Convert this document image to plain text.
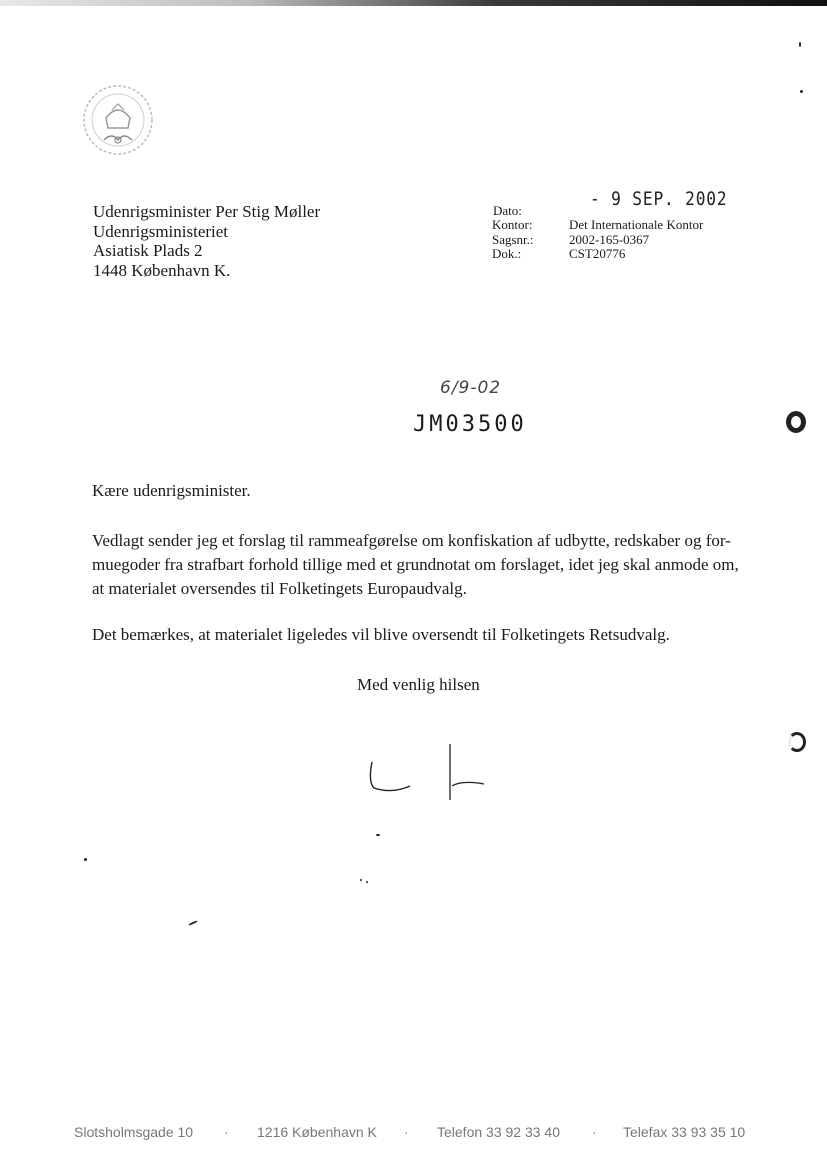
Udenrigsminister Per Stig Møller
Udenrigsministeriet
Asiatisk Plads 2
1448 København K.
Dato:
- 9 SEP. 2002
Kontor:	Det Internationale Kontor
Sagsnr.:	2002-165-0367
Dok.:	CST20776
6/9-02
JM03500
Kære udenrigsminister.
Vedlagt sender jeg et forslag til rammeafgørelse om konfiskation af udbytte, redskaber og for-
muegoder fra strafbart forhold tillige med et grundnotat om forslaget, idet jeg skal anmode om,
at materialet oversendes til Folketingets Europaudvalg.
Det bemærkes, at materialet ligeledes vil blive oversendt til Folketingets Retsudvalg.
Med venlig hilsen
Slotsholmsgade 10 · 1216 København K · Telefon 33 92 33 40 · Telefax 33 93 35 10
